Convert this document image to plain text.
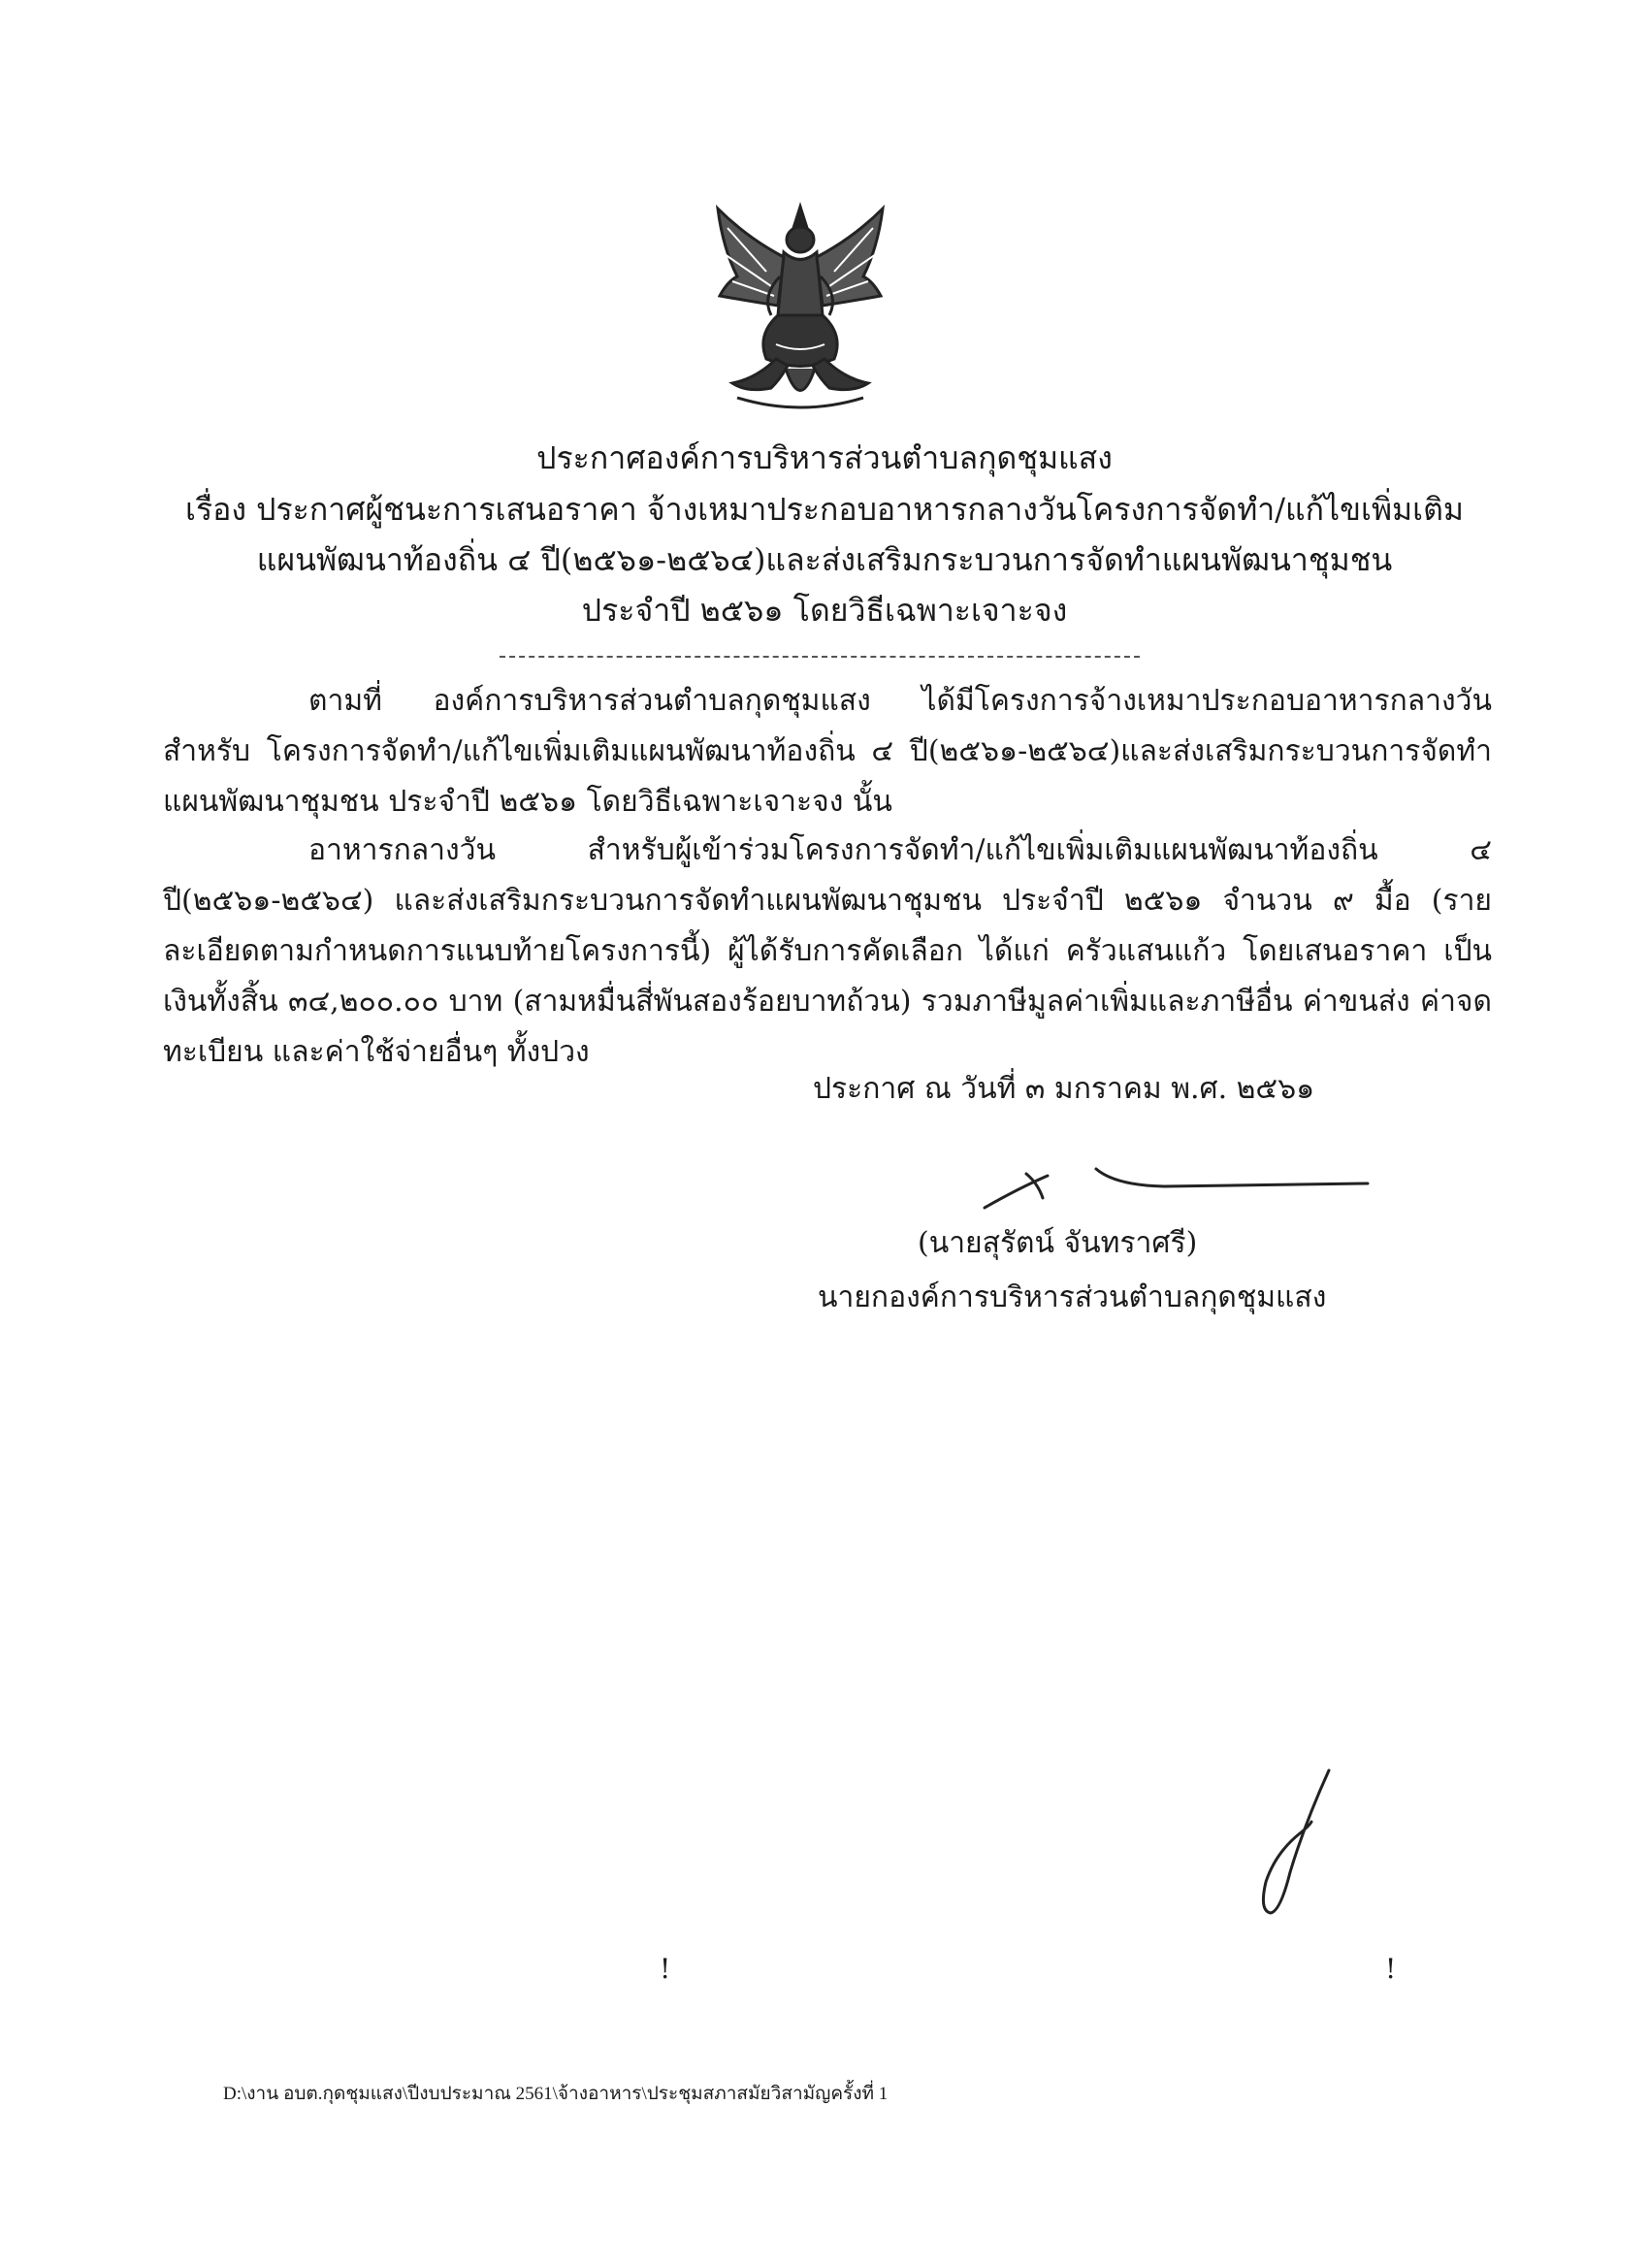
ประกาศองค์การบริหารส่วนตำบลกุดชุมแสง
เรื่อง ประกาศผู้ชนะการเสนอราคา จ้างเหมาประกอบอาหารกลางวันโครงการจัดทำ/แก้ไขเพิ่มเติม
แผนพัฒนาท้องถิ่น ๔ ปี(๒๕๖๑-๒๕๖๔)และส่งเสริมกระบวนการจัดทำแผนพัฒนาชุมชน
ประจำปี ๒๕๖๑ โดยวิธีเฉพาะเจาะจง
ตามที่ องค์การบริหารส่วนตำบลกุดชุมแสง ได้มีโครงการจ้างเหมาประกอบอาหารกลางวันสำหรับ โครงการจัดทำ/แก้ไขเพิ่มเติมแผนพัฒนาท้องถิ่น ๔ ปี(๒๕๖๑-๒๕๖๔)และส่งเสริมกระบวนการจัดทำแผนพัฒนาชุมชน ประจำปี ๒๕๖๑ โดยวิธีเฉพาะเจาะจง นั้น
อาหารกลางวัน สำหรับผู้เข้าร่วมโครงการจัดทำ/แก้ไขเพิ่มเติมแผนพัฒนาท้องถิ่น ๔ ปี(๒๕๖๑-๒๕๖๔) และส่งเสริมกระบวนการจัดทำแผนพัฒนาชุมชน ประจำปี ๒๕๖๑ จำนวน ๙ มื้อ (รายละเอียดตามกำหนดการแนบท้ายโครงการนี้) ผู้ได้รับการคัดเลือก ได้แก่ ครัวแสนแก้ว โดยเสนอราคา เป็นเงินทั้งสิ้น ๓๔,๒๐๐.๐๐ บาท (สามหมื่นสี่พันสองร้อยบาทถ้วน) รวมภาษีมูลค่าเพิ่มและภาษีอื่น ค่าขนส่ง ค่าจดทะเบียน และค่าใช้จ่ายอื่นๆ ทั้งปวง
ประกาศ ณ วันที่ ๓ มกราคม พ.ศ. ๒๕๖๑
(นายสุรัตน์ จันทราศรี)
นายกองค์การบริหารส่วนตำบลกุดชุมแสง
!	!
D:\งาน อบต.กุดชุมแสง\ปีงบประมาณ 2561\จ้างอาหาร\ประชุมสภาสมัยวิสามัญครั้งที่ 1
